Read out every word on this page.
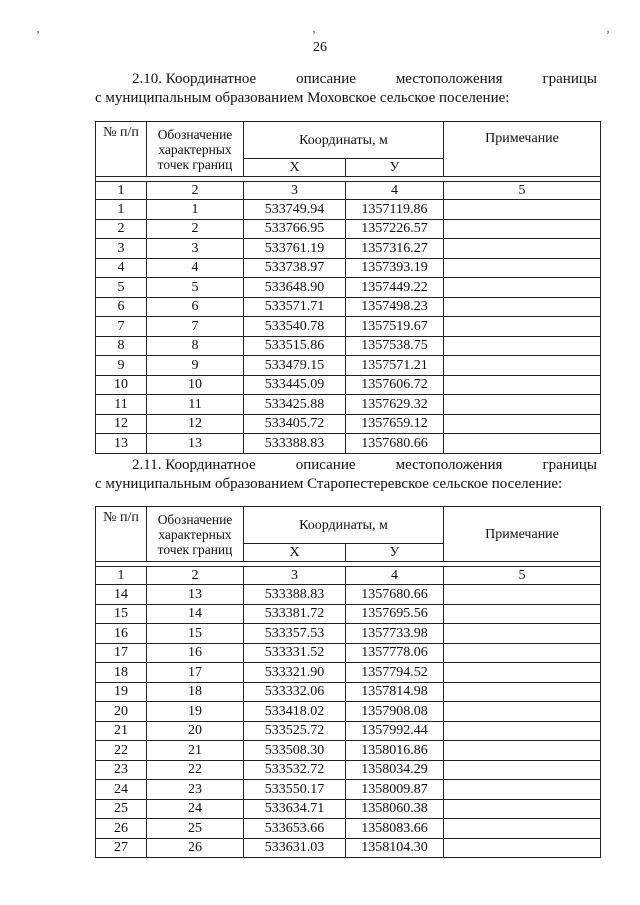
ʼ	ʼ	ʼ
26
2.10. Координатное	описание	местоположения	границы
с муниципальным образованием Моховское сельское поселение:
№ п/п	Обозначение характерных точек границ	Координаты, м		Примечание
		X	У	

1	2	3	4	5
1	1	533749.94	1357119.86	
2	2	533766.95	1357226.57	
3	3	533761.19	1357316.27	
4	4	533738.97	1357393.19	
5	5	533648.90	1357449.22	
6	6	533571.71	1357498.23	
7	7	533540.78	1357519.67	
8	8	533515.86	1357538.75	
9	9	533479.15	1357571.21	
10	10	533445.09	1357606.72	
11	11	533425.88	1357629.32	
12	12	533405.72	1357659.12	
13	13	533388.83	1357680.66	
2.11. Координатное	описание	местоположения	границы
с муниципальным образованием Старопестеревское сельское поселение:
№ п/п	Обозначение характерных точек границ	Координаты, м		Примечание
		X	У	

1	2	3	4	5
14	13	533388.83	1357680.66	
15	14	533381.72	1357695.56	
16	15	533357.53	1357733.98	
17	16	533331.52	1357778.06	
18	17	533321.90	1357794.52	
19	18	533332.06	1357814.98	
20	19	533418.02	1357908.08	
21	20	533525.72	1357992.44	
22	21	533508.30	1358016.86	
23	22	533532.72	1358034.29	
24	23	533550.17	1358009.87	
25	24	533634.71	1358060.38	
26	25	533653.66	1358083.66	
27	26	533631.03	1358104.30	
